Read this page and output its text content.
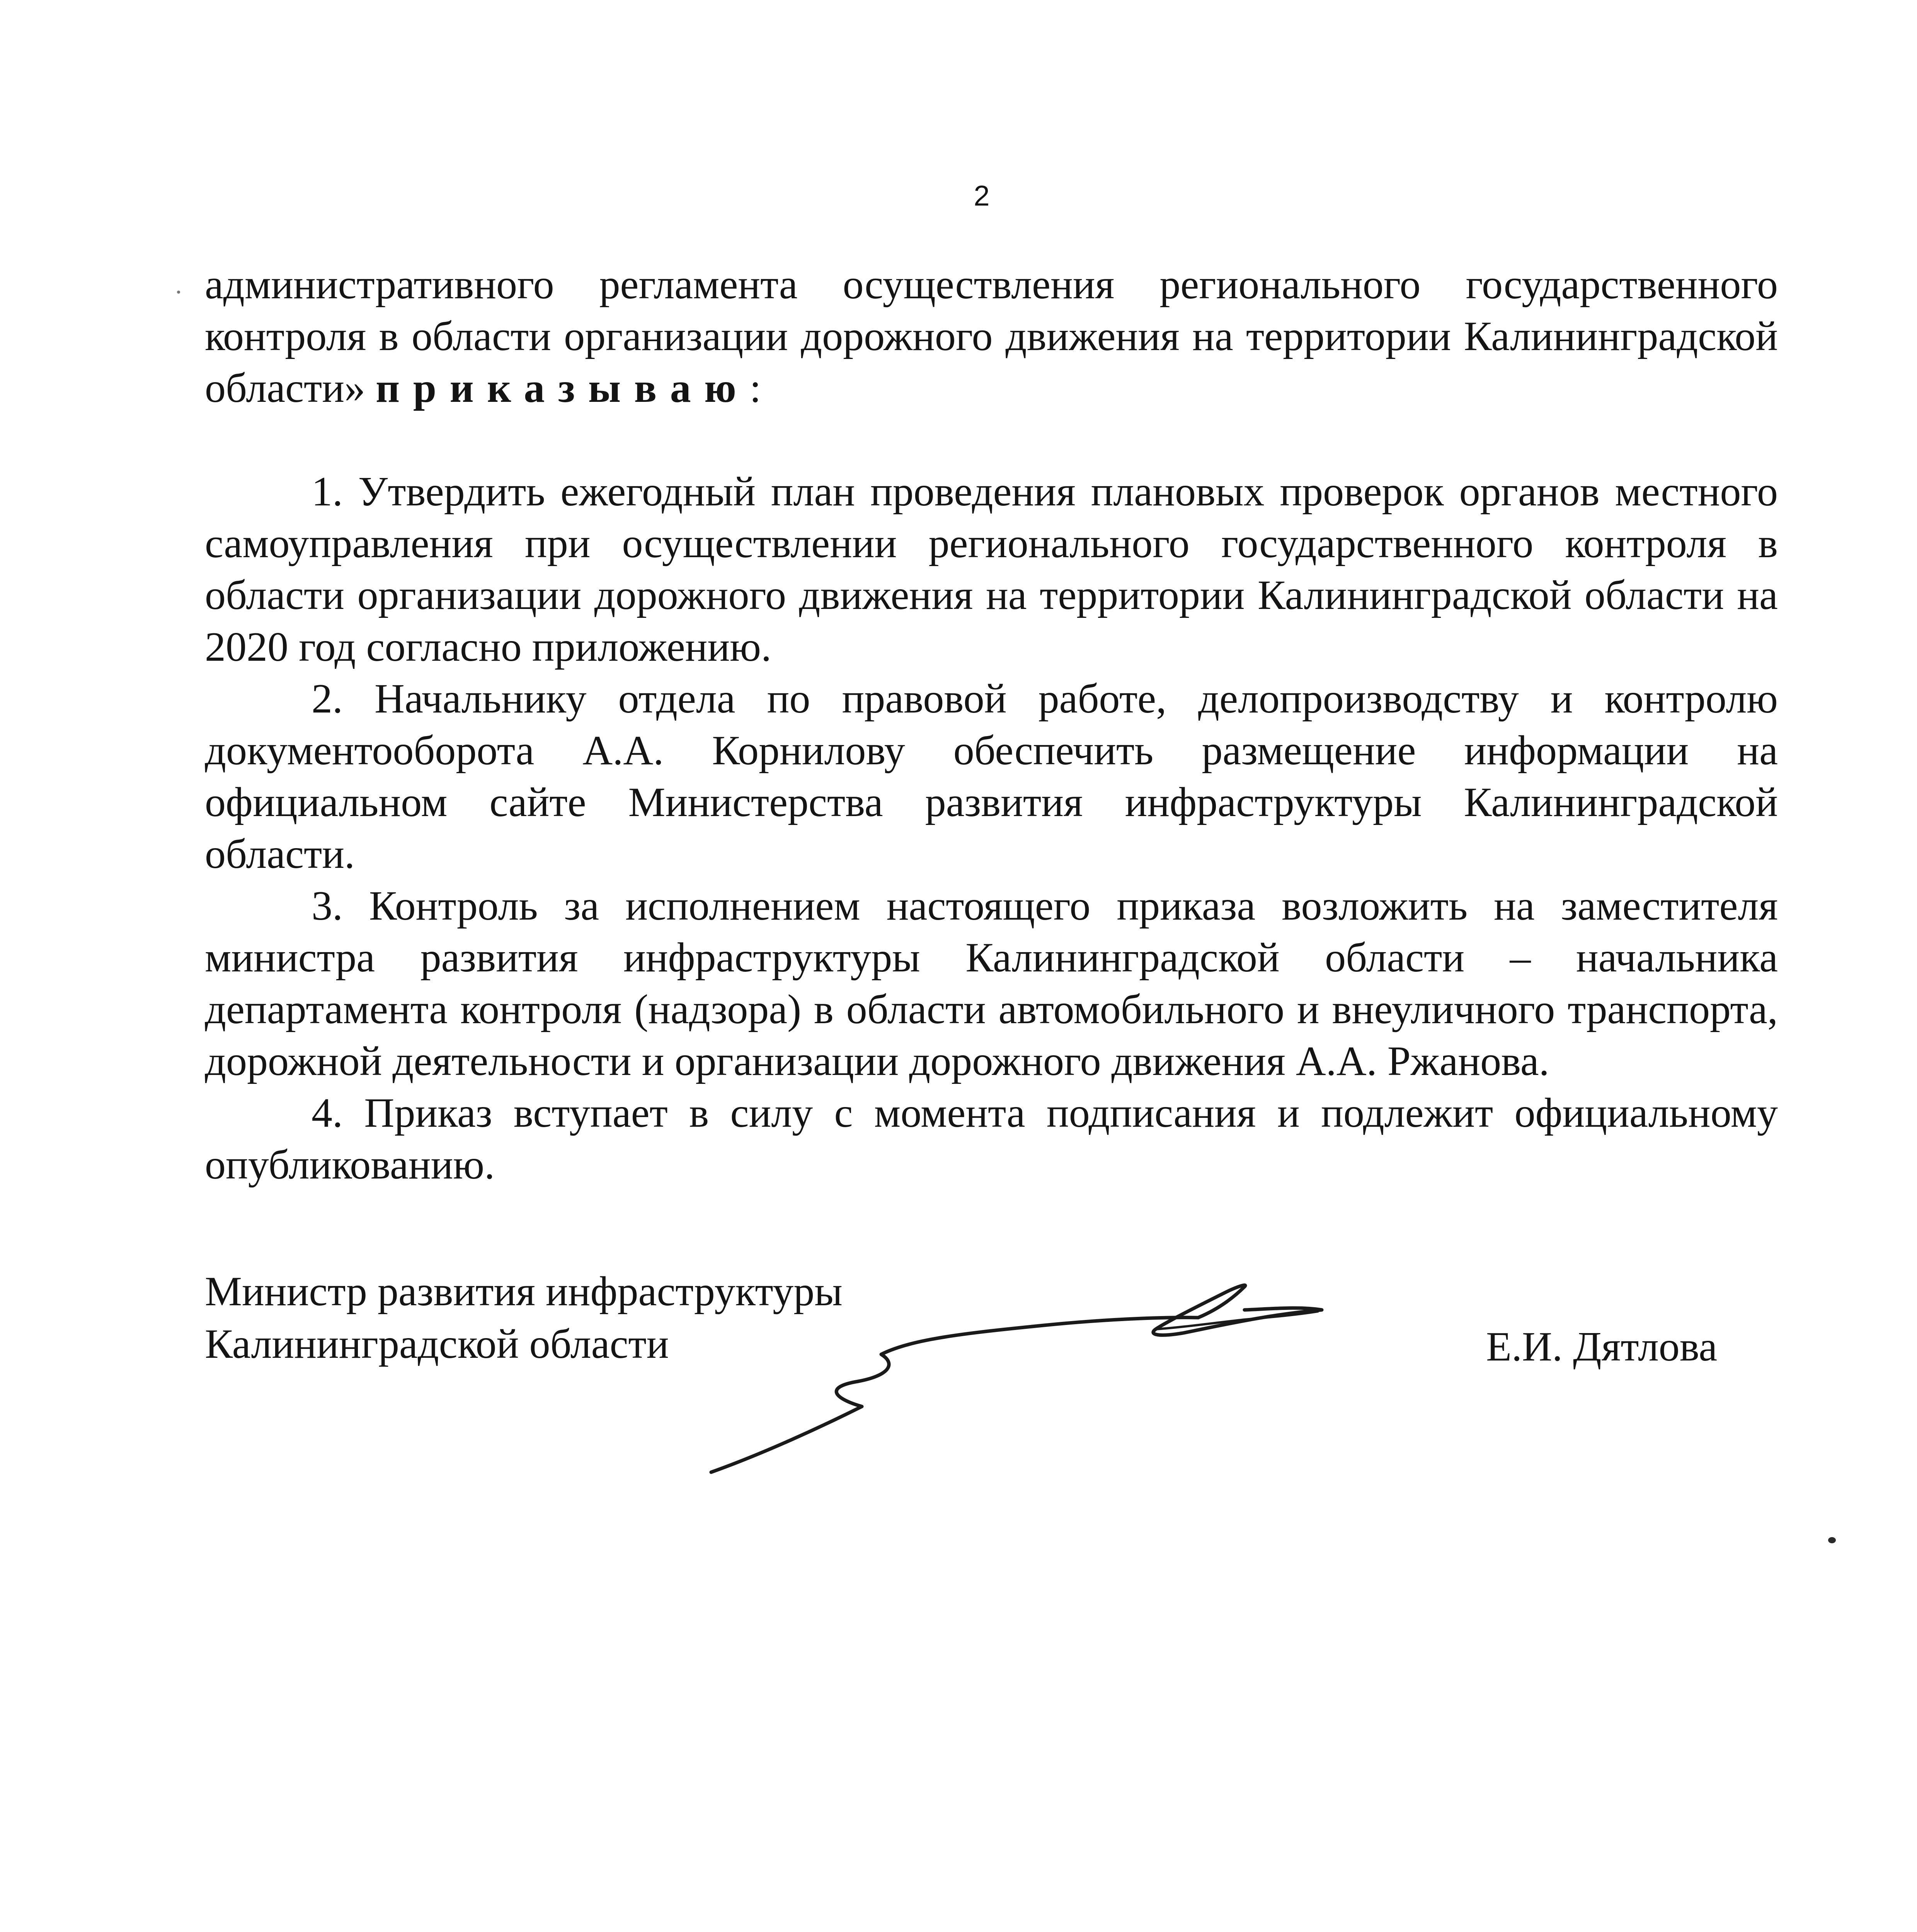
2

административного регламента осуществления регионального государственного контроля в области организации дорожного движения на территории Калининградской области» приказываю:

1. Утвердить ежегодный план проведения плановых проверок органов местного самоуправления при осуществлении регионального государственного контроля в области организации дорожного движения на территории Калининградской области на 2020 год согласно приложению.

2. Начальнику отдела по правовой работе, делопроизводству и контролю документооборота А.А. Корнилову обеспечить размещение информации на официальном сайте Министерства развития инфраструктуры Калининградской области.

3. Контроль за исполнением настоящего приказа возложить на заместителя министра развития инфраструктуры Калининградской области – начальника департамента контроля (надзора) в области автомобильного и внеуличного транспорта, дорожной деятельности и организации дорожного движения А.А. Ржанова.

4. Приказ вступает в силу с момента подписания и подлежит официальному опубликованию.

Министр развития инфраструктуры
Калининградской области	Е.И. Дятлова
